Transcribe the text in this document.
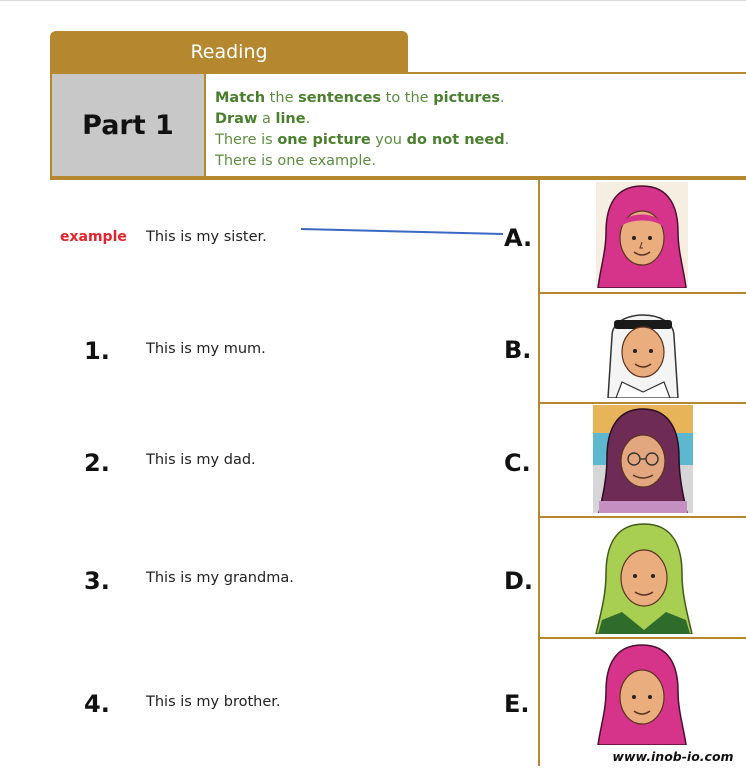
Reading
Part 1
Match the sentences to the pictures.
Draw a line.
There is one picture you do not need.
There is one example.
example This is my sister.	A.
1. This is my mum.	B.
2. This is my dad.	C.
3. This is my grandma.	D.
4. This is my brother.	E.
www.inob-io.com
